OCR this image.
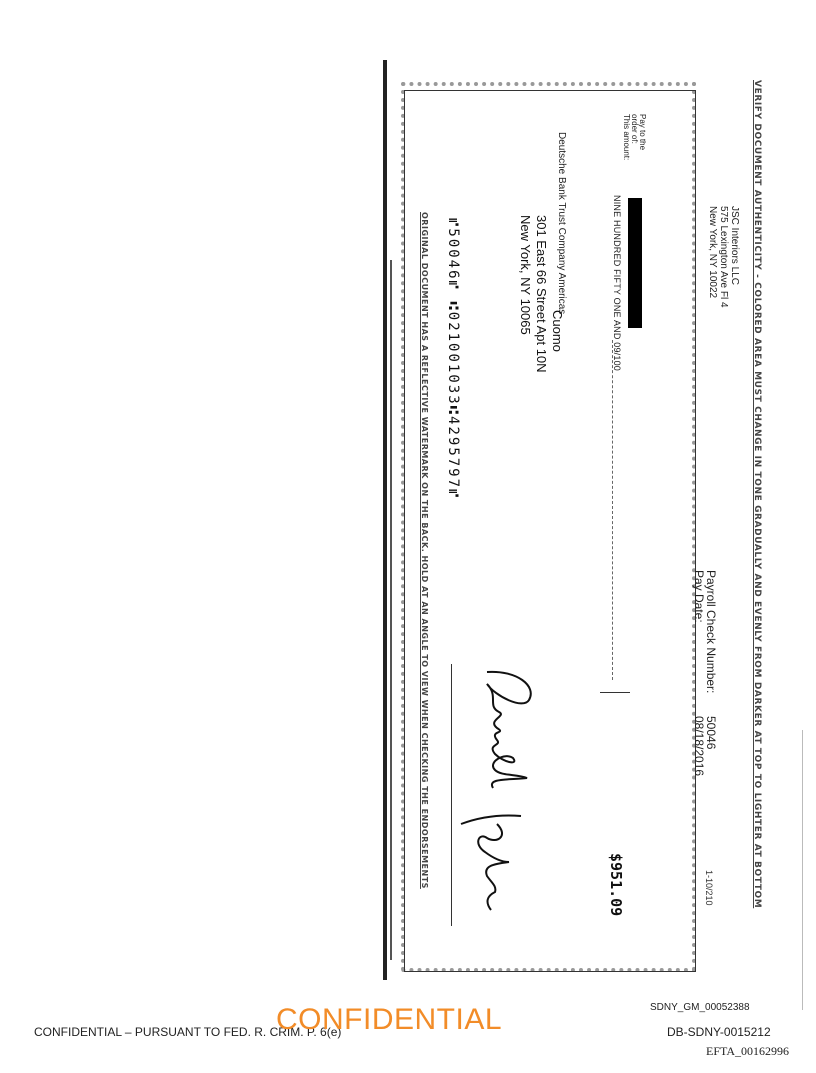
VERIFY DOCUMENT AUTHENTICITY - COLORED AREA MUST CHANGE IN TONE GRADUALLY AND EVENLY FROM DARKER AT TOP TO LIGHTER AT BOTTOM
JSC Interiors LLC
575 Lexington Ave Fl 4
New York, NY 10022
Payroll Check Number:
50046
Pay Date:
08/18/2016
1-10/210
Pay to the
order of:
This amount:
NINE HUNDRED FIFTY ONE AND 09/100
$951.09
Deutsche Bank Trust Company Americas
Cuomo
301 East 66 Street Apt 10N
New York, NY 10065
⑈50046⑈ ⑆021001033⑆4295797⑈
ORIGINAL DOCUMENT HAS A REFLECTIVE WATERMARK ON THE BACK. HOLD AT AN ANGLE TO VIEW WHEN CHECKING THE ENDORSEMENTS
SDNY_GM_00052388
CONFIDENTIAL – PURSUANT TO FED. R. CRIM. P. 6(e)
CONFIDENTIAL	DB-SDNY-0015212
EFTA_00162996
